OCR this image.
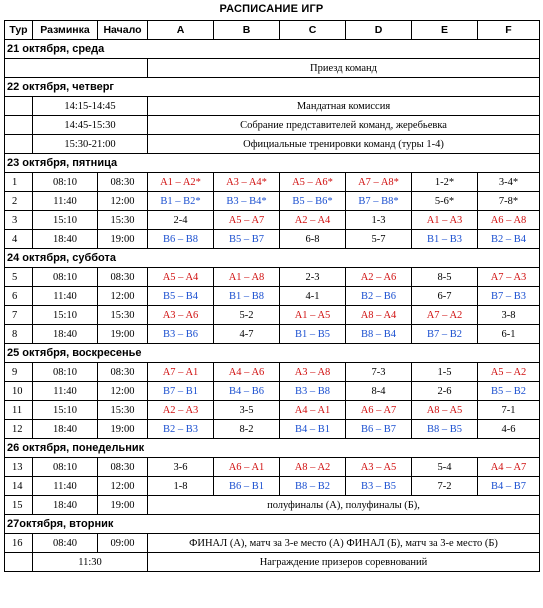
РАСПИСАНИЕ ИГР
Тур	Разминка	Начало	A	B	C	D	E	F
21 октября, среда								
			Приезд команд					
22 октября, четверг								
	14:15-14:45		Мандатная комиссия					
	14:45-15:30		Собрание представителей команд, жеребьевка					
	15:30-21:00		Официальные тренировки команд (туры 1-4)					
23 октября, пятница								
1	08:10	08:30	A1 – A2*	A3 – A4*	A5 – A6*	A7 – A8*	1-2*	3-4*
2	11:40	12:00	B1 – B2*	B3 – B4*	B5 – B6*	B7 – B8*	5-6*	7-8*
3	15:10	15:30	2-4	A5 – A7	A2 – A4	1-3	A1 – A3	A6 – A8
4	18:40	19:00	B6 – B8	B5 – B7	6-8	5-7	B1 – B3	B2 – B4
24 октября, суббота								
5	08:10	08:30	A5 – A4	A1 – A8	2-3	A2 – A6	8-5	A7 – A3
6	11:40	12:00	B5 – B4	B1 – B8	4-1	B2 – B6	6-7	B7 – B3
7	15:10	15:30	A3 – A6	5-2	A1 – A5	A8 – A4	A7 – A2	3-8
8	18:40	19:00	B3 – B6	4-7	B1 – B5	B8 – B4	B7 – B2	6-1
25 октября, воскресенье								
9	08:10	08:30	A7 – A1	A4 – A6	A3 – A8	7-3	1-5	A5 – A2
10	11:40	12:00	B7 – B1	B4 – B6	B3 – B8	8-4	2-6	B5 – B2
11	15:10	15:30	A2 – A3	3-5	A4 – A1	A6 – A7	A8 – A5	7-1
12	18:40	19:00	B2 – B3	8-2	B4 – B1	B6 – B7	B8 – B5	4-6
26 октября, понедельник								
13	08:10	08:30	3-6	A6 – A1	A8 – A2	A3 – A5	5-4	A4 – A7
14	11:40	12:00	1-8	B6 – B1	B8 – B2	B3 – B5	7-2	B4 – B7
15	18:40	19:00	полуфиналы (А), полуфиналы (Б),					
27октября, вторник								
16	08:40	09:00	ФИНАЛ (А), матч за 3-е место (А) ФИНАЛ (Б), матч за 3-е место (Б)					
	11:30		Награждение призеров соревнований					
